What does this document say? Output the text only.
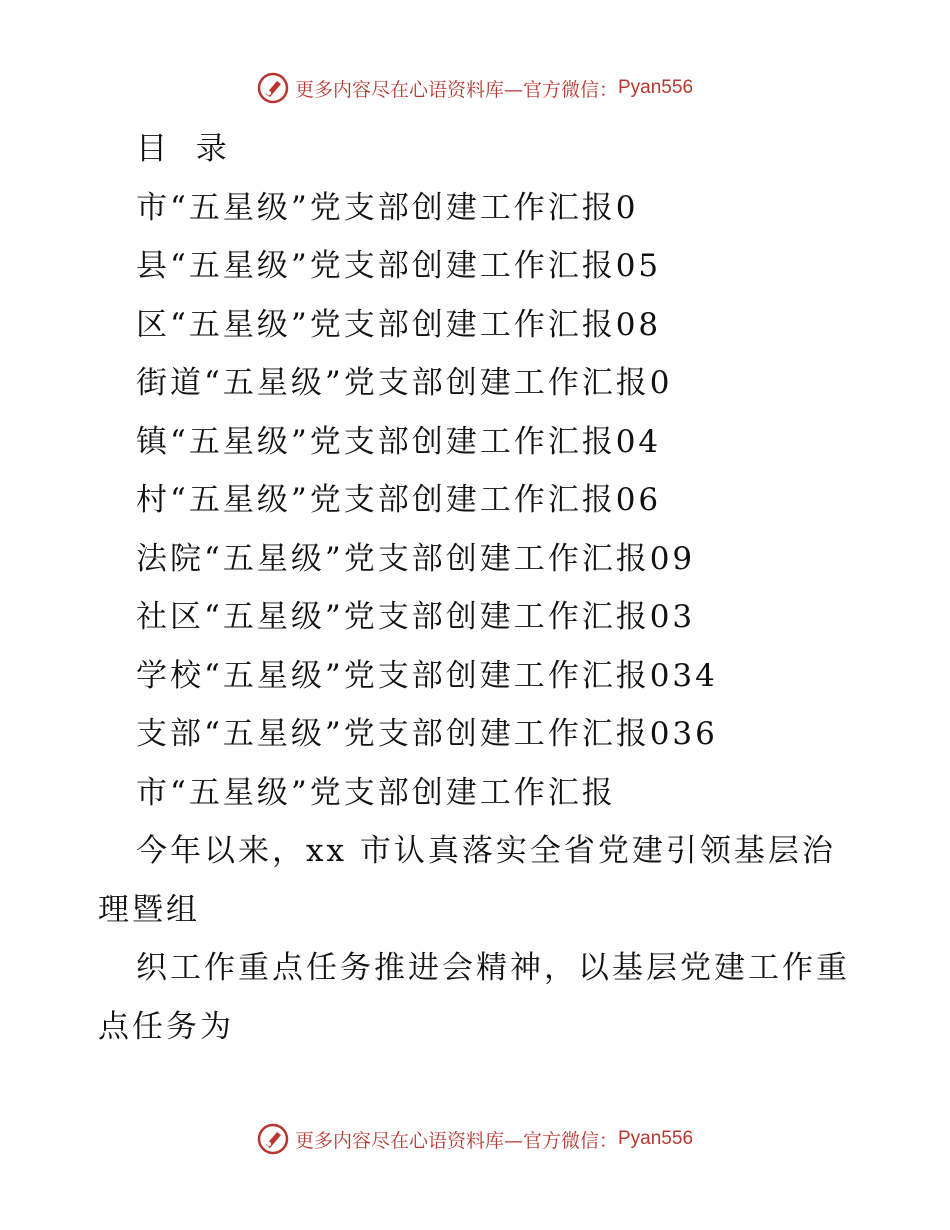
更多内容尽在心语资料库—官方微信： Pyan556
目  录
市“五星级”党支部创建工作汇报0
县“五星级”党支部创建工作汇报05
区“五星级”党支部创建工作汇报08
街道“五星级”党支部创建工作汇报0
镇“五星级”党支部创建工作汇报04
村“五星级”党支部创建工作汇报06
法院“五星级”党支部创建工作汇报09
社区“五星级”党支部创建工作汇报03
学校“五星级”党支部创建工作汇报034
支部“五星级”党支部创建工作汇报036
市“五星级”党支部创建工作汇报
今年以来，xx 市认真落实全省党建引领基层治
理暨组
织工作重点任务推进会精神，以基层党建工作重
点任务为
更多内容尽在心语资料库—官方微信： Pyan556
